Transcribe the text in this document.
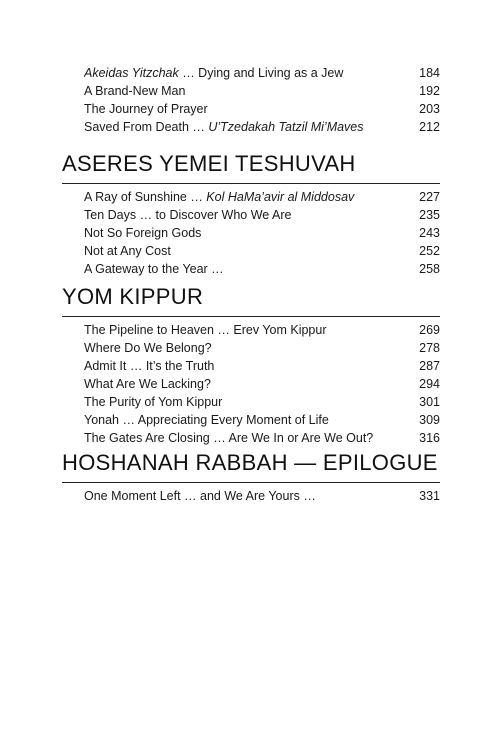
Akeidas Yitzchak … Dying and Living as a Jew	184
A Brand-New Man	192
The Journey of Prayer	203
Saved From Death … U’Tzedakah Tatzil Mi’Maves	212
ASERES YEMEI TESHUVAH
A Ray of Sunshine … Kol HaMa’avir al Middosav	227
Ten Days … to Discover Who We Are	235
Not So Foreign Gods	243
Not at Any Cost	252
A Gateway to the Year …	258
YOM KIPPUR
The Pipeline to Heaven … Erev Yom Kippur	269
Where Do We Belong?	278
Admit It … It’s the Truth	287
What Are We Lacking?	294
The Purity of Yom Kippur	301
Yonah … Appreciating Every Moment of Life	309
The Gates Are Closing … Are We In or Are We Out?	316
HOSHANAH RABBAH — EPILOGUE
One Moment Left … and We Are Yours …	331
